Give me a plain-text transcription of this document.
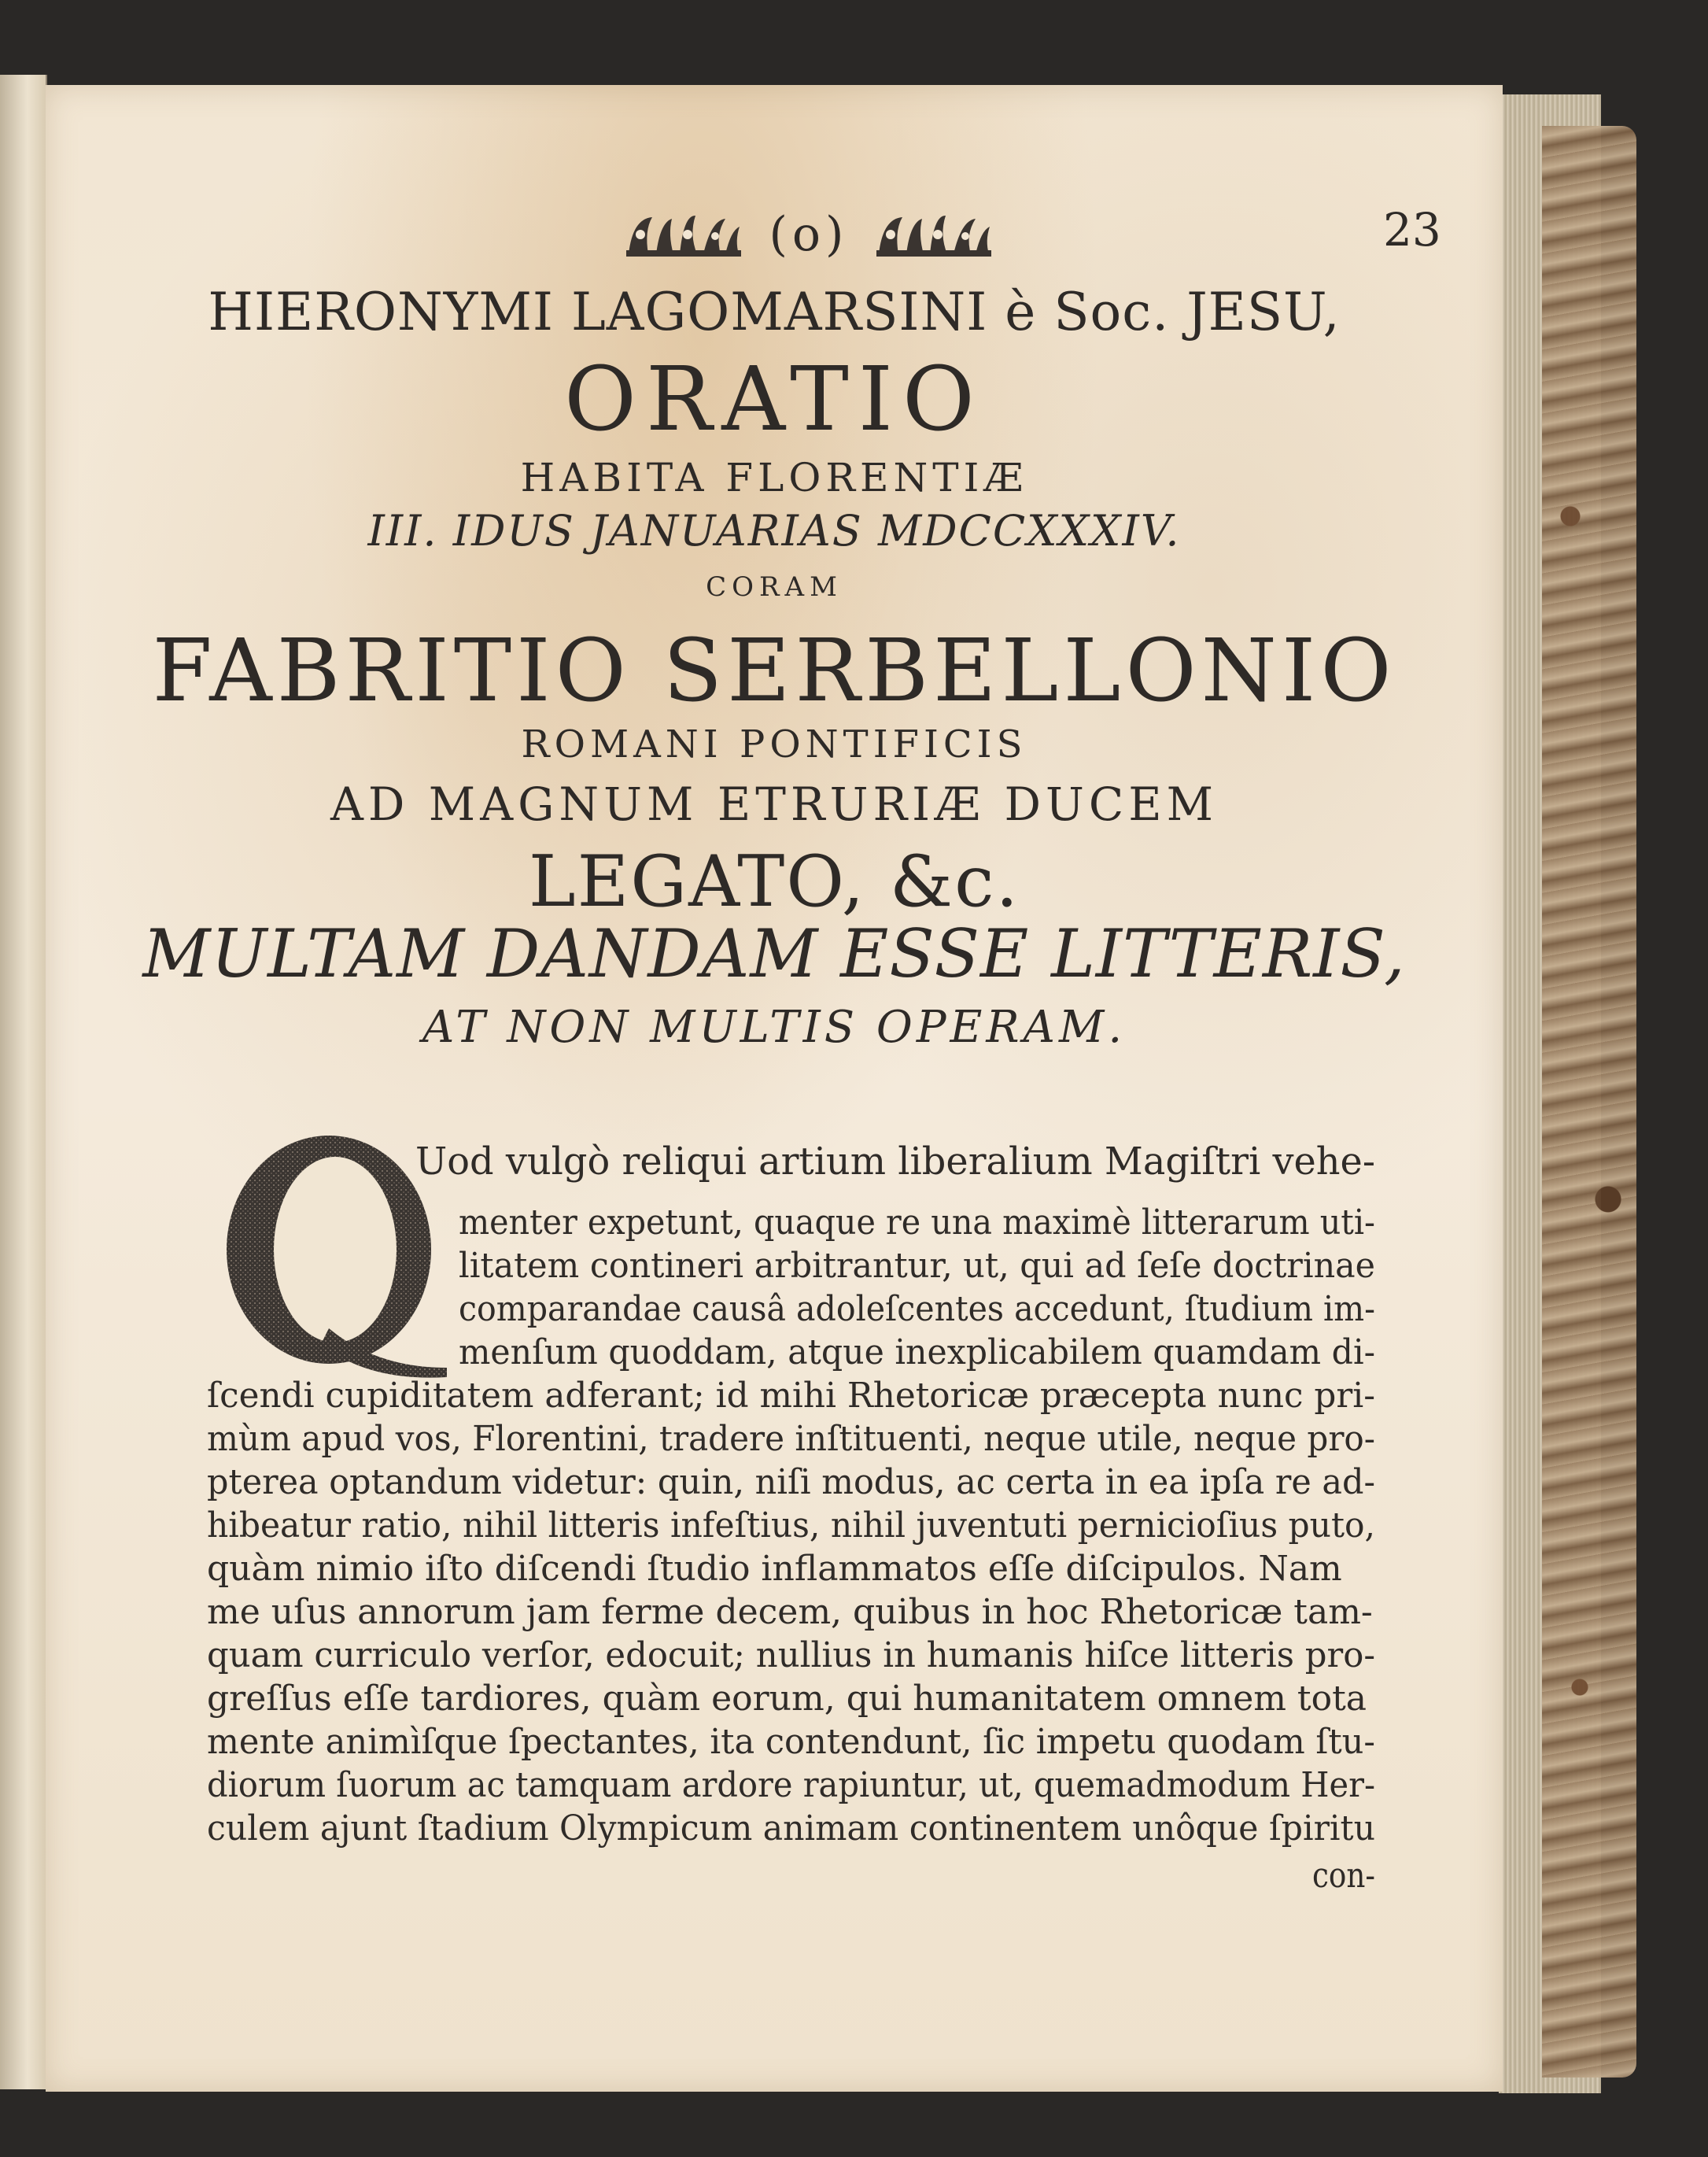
(o)	23
HIERONYMI LAGOMARSINI è Soc. JESU,
ORATIO
HABITA FLORENTIÆ
III. IDUS JANUARIAS MDCCXXXIV.
CORAM
FABRITIO SERBELLONIO
ROMANI PONTIFICIS
AD MAGNUM ETRURIÆ DUCEM
LEGATO, &c.
MULTAM DANDAM ESSE LITTERIS,
AT NON MULTIS OPERAM.
Uod vulgò reliqui artium liberalium Magiſtri vehe-
menter expetunt, quaque re una maximè litterarum uti-
litatem contineri arbitrantur, ut, qui ad ſeſe doctrinae
comparandae causâ adoleſcentes accedunt, ſtudium im-
menſum quoddam, atque inexplicabilem quamdam di-
ſcendi cupiditatem adferant; id mihi Rhetoricæ præcepta nunc pri-
mùm apud vos, Florentini, tradere inſtituenti, neque utile, neque pro-
pterea optandum videtur: quin, niſi modus, ac certa in ea ipſa re ad-
hibeatur ratio, nihil litteris infeſtius, nihil juventuti pernicioſius puto,
quàm nimio iſto diſcendi ſtudio inflammatos eſſe diſcipulos. Nam
me uſus annorum jam ferme decem, quibus in hoc Rhetoricæ tam-
quam curriculo verſor, edocuit; nullius in humanis hiſce litteris pro-
greſſus eſſe tardiores, quàm eorum, qui humanitatem omnem tota
mente animìſque ſpectantes, ita contendunt, ſic impetu quodam ſtu-
diorum ſuorum ac tamquam ardore rapiuntur, ut, quemadmodum Her-
culem ajunt ſtadium Olympicum animam continentem unôque ſpiritu
con-
